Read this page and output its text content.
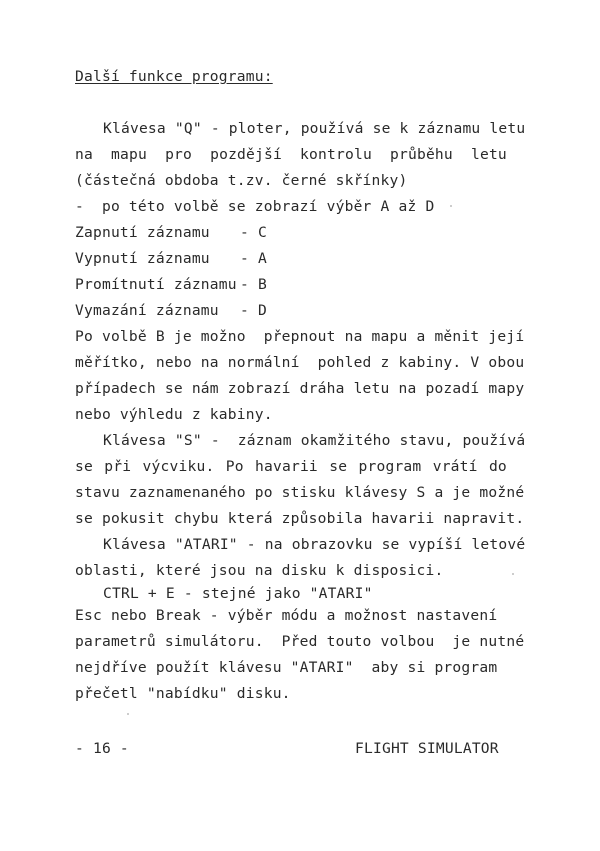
Další funkce programu:
Klávesa "Q" - ploter, používá se k záznamu letu
na mapu pro pozdější kontrolu průběhu letu
(částečná obdoba t.zv. černé skřínky)
-  po této volbě se zobrazí výběr A až D
Zapnutí záznamu - C
Vypnutí záznamu - A
Promítnutí záznamu - B
Vymazání záznamu - D
Po volbě B je možno  přepnout na mapu a měnit její
měřítko, nebo na normální  pohled z kabiny. V obou
případech se nám zobrazí dráha letu na pozadí mapy
nebo výhledu z kabiny.
Klávesa "S" -  záznam okamžitého stavu, používá
se při výcviku. Po havarii se program vrátí do
stavu zaznamenaného po stisku klávesy S a je možné
se pokusit chybu která způsobila havarii napravit.
Klávesa "ATARI" - na obrazovku se vypíší letové
oblasti, které jsou na disku k disposici.
CTRL + E - stejné jako "ATARI"
Esc nebo Break - výběr módu a možnost nastavení
parametrů simulátoru.  Před touto volbou  je nutné
nejdříve použít klávesu "ATARI"  aby si program
přečetl "nabídku" disku.
- 16 -	FLIGHT SIMULATOR
